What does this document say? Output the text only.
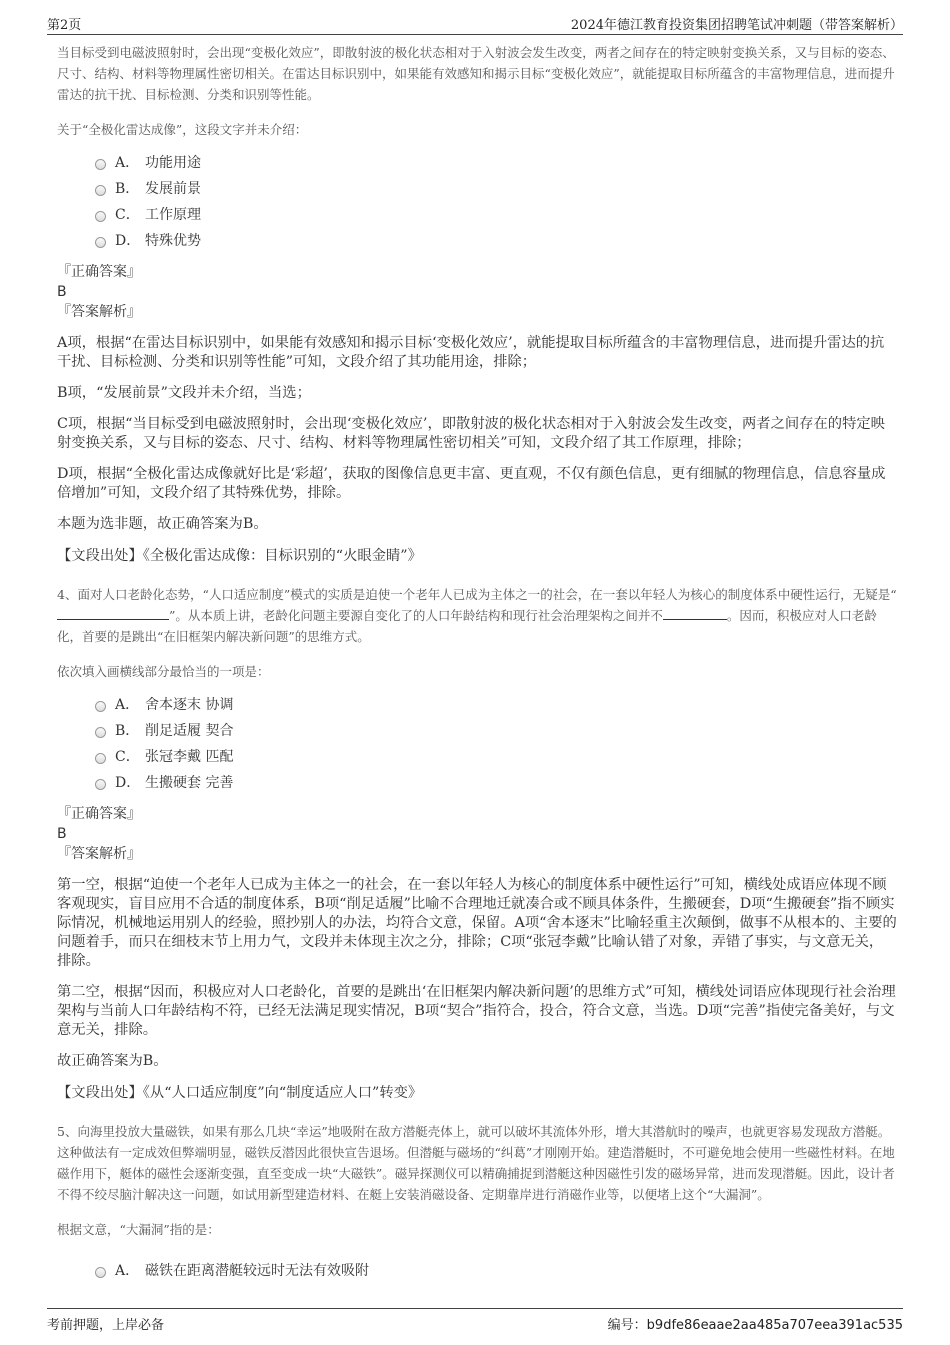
第2页	2024年德江教育投资集团招聘笔试冲刺题（带答案解析）

当目标受到电磁波照射时，会出现“变极化效应”，即散射波的极化状态相对于入射波会发生改变，两者之间存在的特定映射变换关系，又与目标的姿态、尺寸、结构、材料等物理属性密切相关。在雷达目标识别中，如果能有效感知和揭示目标“变极化效应”，就能提取目标所蕴含的丰富物理信息，进而提升雷达的抗干扰、目标检测、分类和识别等性能。

关于“全极化雷达成像”，这段文字并未介绍：

A． 功能用途
B． 发展前景
C． 工作原理
D． 特殊优势
『正确答案』
B
『答案解析』

A项，根据“在雷达目标识别中，如果能有效感知和揭示目标‘变极化效应’，就能提取目标所蕴含的丰富物理信息，进而提升雷达的抗干扰、目标检测、分类和识别等性能”可知，文段介绍了其功能用途，排除；

B项，“发展前景”文段并未介绍，当选；

C项，根据“当目标受到电磁波照射时，会出现‘变极化效应’，即散射波的极化状态相对于入射波会发生改变，两者之间存在的特定映射变换关系，又与目标的姿态、尺寸、结构、材料等物理属性密切相关”可知，文段介绍了其工作原理，排除；

D项，根据“全极化雷达成像就好比是‘彩超’，获取的图像信息更丰富、更直观，不仅有颜色信息，更有细腻的物理信息，信息容量成倍增加”可知，文段介绍了其特殊优势，排除。

本题为选非题，故正确答案为B。

【文段出处】《全极化雷达成像：目标识别的“火眼金睛”》

4、面对人口老龄化态势，“人口适应制度”模式的实质是迫使一个老年人已成为主体之一的社会，在一套以年轻人为核心的制度体系中硬性运行，无疑是“”。从本质上讲，老龄化问题主要源自变化了的人口年龄结构和现行社会治理架构之间并不	。因而，积极应对人口老龄化，首要的是跳出“在旧框架内解决新问题”的思维方式。

依次填入画横线部分最恰当的一项是：

A． 舍本逐末 协调
B． 削足适履 契合
C． 张冠李戴 匹配
D． 生搬硬套 完善
『正确答案』
B
『答案解析』

第一空，根据“迫使一个老年人已成为主体之一的社会，在一套以年轻人为核心的制度体系中硬性运行”可知，横线处成语应体现不顾客观现实，盲目应用不合适的制度体系，B项“削足适履”比喻不合理地迁就凑合或不顾具体条件，生搬硬套，D项“生搬硬套”指不顾实际情况，机械地运用别人的经验，照抄别人的办法，均符合文意，保留。A项“舍本逐末”比喻轻重主次颠倒，做事不从根本的、主要的问题着手，而只在细枝末节上用力气，文段并未体现主次之分，排除；C项“张冠李戴”比喻认错了对象，弄错了事实，与文意无关，排除。

第二空，根据“因而，积极应对人口老龄化，首要的是跳出‘在旧框架内解决新问题’的思维方式”可知，横线处词语应体现现行社会治理架构与当前人口年龄结构不符，已经无法满足现实情况，B项“契合”指符合，投合，符合文意，当选。D项“完善”指使完备美好，与文意无关，排除。

故正确答案为B。

【文段出处】《从“人口适应制度”向“制度适应人口”转变》

5、向海里投放大量磁铁，如果有那么几块“幸运”地吸附在敌方潜艇壳体上，就可以破坏其流体外形，增大其潜航时的噪声，也就更容易发现敌方潜艇。这种做法有一定成效但弊端明显，磁铁反潜因此很快宣告退场。但潜艇与磁场的“纠葛”才刚刚开始。建造潜艇时，不可避免地会使用一些磁性材料。在地磁作用下，艇体的磁性会逐渐变强，直至变成一块“大磁铁”。磁异探测仪可以精确捕捉到潜艇这种因磁性引发的磁场异常，进而发现潜艇。因此，设计者不得不绞尽脑汁解决这一问题，如试用新型建造材料、在艇上安装消磁设备、定期靠岸进行消磁作业等，以便堵上这个“大漏洞”。

根据文意，“大漏洞”指的是：

A． 磁铁在距离潜艇较远时无法有效吸附
考前押题，上岸必备	编号：b9dfe86eaae2aa485a707eea391ac535
